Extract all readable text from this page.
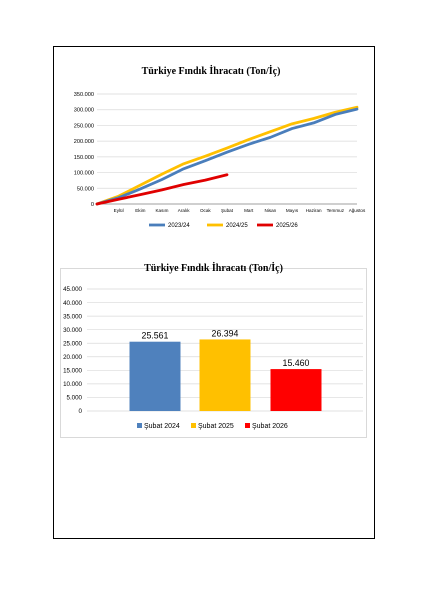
Türkiye Fındık İhracatı (Ton/İç)
0
50.000
100.000
150.000
200.000
250.000
300.000
350.000
Eylül	Ekim Kasım Aralık Ocak Şubat Mart Nisan Mayıs Haziran Temmuz Ağustos
2023/24	2024/25	2025/26
Türkiye Fındık İhracatı (Ton/İç)
0
5.000
10.000
15.000
20.000
25.000
30.000
35.000
40.000
45.000
25.561	26.394
15.460
Şubat 2024	Şubat 2025	Şubat 2026
